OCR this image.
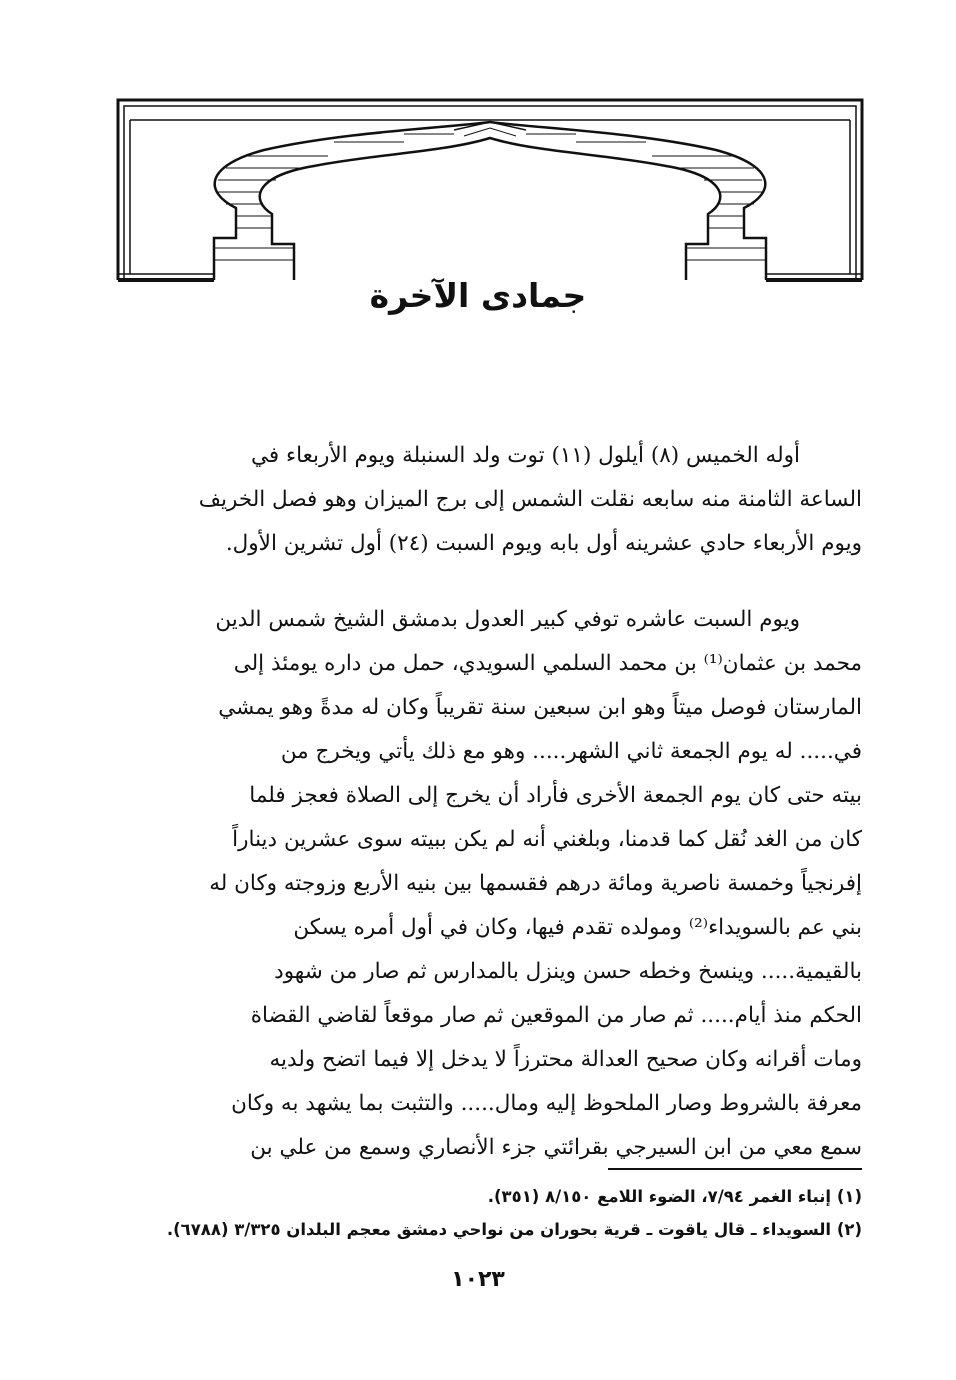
جمادى الآخرة
أوله الخميس (٨) أيلول (١١) توت ولد السنبلة ويوم الأربعاء في
الساعة الثامنة منه سابعه نقلت الشمس إلى برج الميزان وهو فصل الخريف
ويوم الأربعاء حادي عشرينه أول بابه ويوم السبت (٢٤) أول تشرين الأول.
ويوم السبت عاشره توفي كبير العدول بدمشق الشيخ شمس الدين
محمد بن عثمان⁽¹⁾ بن محمد السلمي السويدي، حمل من داره يومئذ إلى
المارستان فوصل ميتاً وهو ابن سبعين سنة تقريباً وكان له مدةً وهو يمشي
في..... له يوم الجمعة ثاني الشهر..... وهو مع ذلك يأتي ويخرج من
بيته حتى كان يوم الجمعة الأخرى فأراد أن يخرج إلى الصلاة فعجز فلما
كان من الغد نُقل كما قدمنا، وبلغني أنه لم يكن ببيته سوى عشرين ديناراً
إفرنجياً وخمسة ناصرية ومائة درهم فقسمها بين بنيه الأربع وزوجته وكان له
بني عم بالسويداء⁽²⁾ ومولده تقدم فيها، وكان في أول أمره يسكن
بالقيمية..... وينسخ وخطه حسن وينزل بالمدارس ثم صار من شهود
الحكم منذ أيام..... ثم صار من الموقعين ثم صار موقعاً لقاضي القضاة
ومات أقرانه وكان صحيح العدالة محترزاً لا يدخل إلا فيما اتضح ولديه
معرفة بالشروط وصار الملحوظ إليه ومال..... والتثبت بما يشهد به وكان
سمع معي من ابن السيرجي بقرائتي جزء الأنصاري وسمع من علي بن
(١) إنباء الغمر ٧/٩٤، الضوء اللامع ٨/١٥٠ (٣٥١).
(٢) السويداء ـ قال ياقوت ـ قرية بحوران من نواحي دمشق معجم البلدان ٣/٣٢٥ (٦٧٨٨).
١٠٢٣
